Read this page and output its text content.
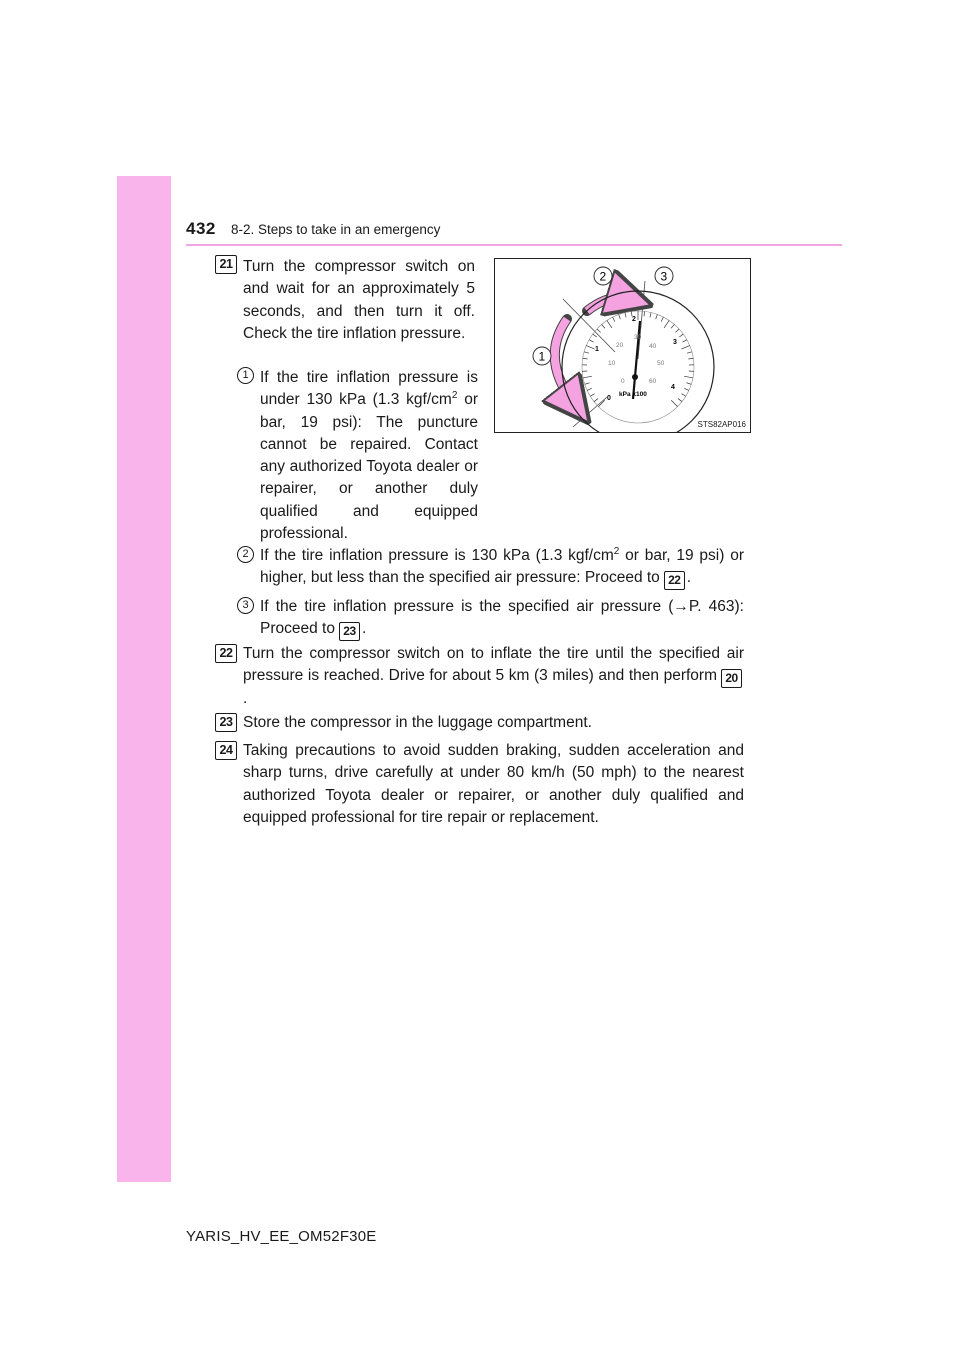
432 8-2. Steps to take in an emergency
21 Turn the compressor switch on and wait for an approximately 5 seconds, and then turn it off. Check the tire inflation pressure.
1 If the tire inflation pressure is under 130 kPa (1.3 kgf/$cm^2$ or bar, 19 psi): The puncture cannot be repaired. Contact any authorized Toyota dealer or repairer, or another duly qualified and equipped professional.
0
1
2
3
4
0
10
20
30
40
50
60
kPa x100
1
2	3
STS82AP016
2 If the tire inflation pressure is 130 kPa (1.3 kgf/$cm^2$ or bar, 19 psi) or higher, but less than the specified air pressure: Proceed to 22 .
3 If the tire inflation pressure is the specified air pressure (→P. 463): Proceed to 23 .
22 Turn the compressor switch on to inflate the tire until the specified air pressure is reached. Drive for about 5 km (3 miles) and then perform 20.
23 Store the compressor in the luggage compartment.
24 Taking precautions to avoid sudden braking, sudden acceleration and sharp turns, drive carefully at under 80 km/h (50 mph) to the nearest authorized Toyota dealer or repairer, or another duly qualified and equipped professional for tire repair or replacement.
YARIS_HV_EE_OM52F30E
